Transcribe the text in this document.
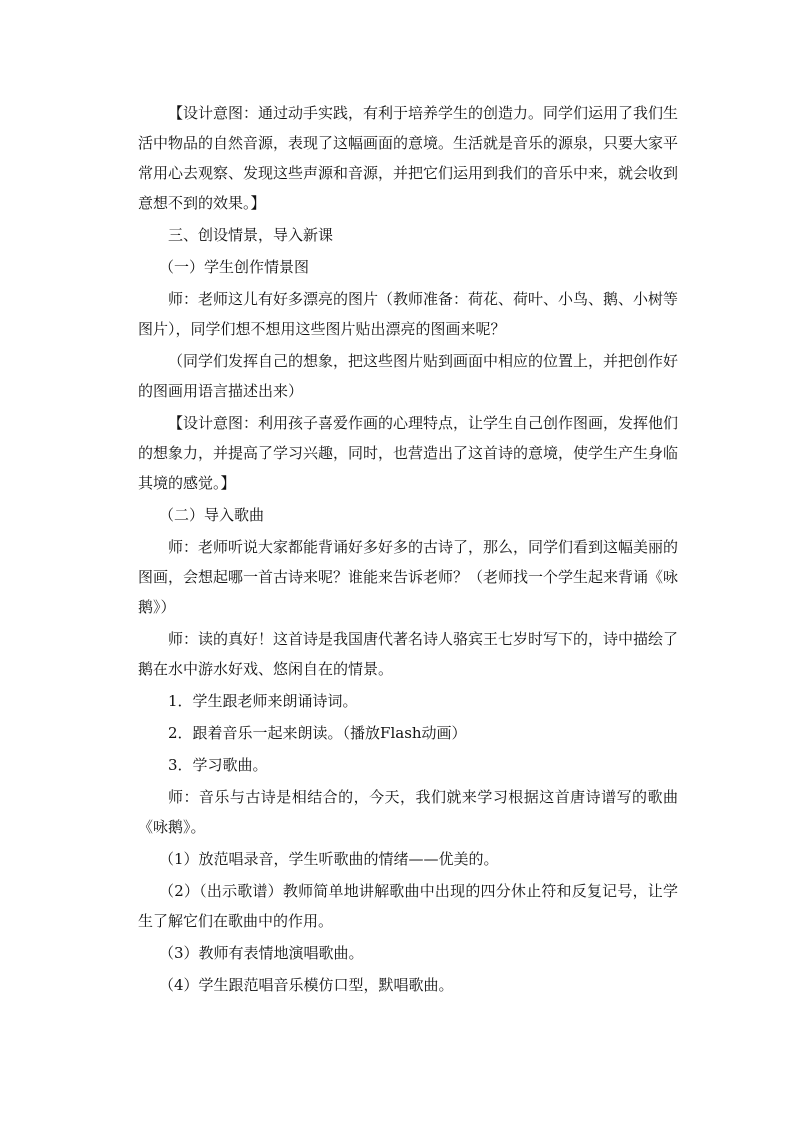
【设计意图：通过动手实践，有利于培养学生的创造力。同学们运用了我们生活中物品的自然音源，表现了这幅画面的意境。生活就是音乐的源泉，只要大家平常用心去观察、发现这些声源和音源，并把它们运用到我们的音乐中来，就会收到意想不到的效果。】

三、创设情景，导入新课

（一）学生创作情景图

师：老师这儿有好多漂亮的图片（教师准备：荷花、荷叶、小鸟、鹅、小树等图片），同学们想不想用这些图片贴出漂亮的图画来呢？

（同学们发挥自己的想象，把这些图片贴到画面中相应的位置上，并把创作好的图画用语言描述出来）

【设计意图：利用孩子喜爱作画的心理特点，让学生自己创作图画，发挥他们的想象力，并提高了学习兴趣，同时，也营造出了这首诗的意境，使学生产生身临其境的感觉。】

（二）导入歌曲

师：老师听说大家都能背诵好多好多的古诗了，那么，同学们看到这幅美丽的图画，会想起哪一首古诗来呢？谁能来告诉老师？（老师找一个学生起来背诵《咏鹅》）

师：读的真好！这首诗是我国唐代著名诗人骆宾王七岁时写下的，诗中描绘了鹅在水中游水好戏、悠闲自在的情景。

1．学生跟老师来朗诵诗词。

2．跟着音乐一起来朗读。（播放Flash动画）

3．学习歌曲。

师：音乐与古诗是相结合的，今天，我们就来学习根据这首唐诗谱写的歌曲《咏鹅》。

（1）放范唱录音，学生听歌曲的情绪——优美的。

（2）（出示歌谱）教师简单地讲解歌曲中出现的四分休止符和反复记号，让学生了解它们在歌曲中的作用。

（3）教师有表情地演唱歌曲。

（4）学生跟范唱音乐模仿口型，默唱歌曲。
